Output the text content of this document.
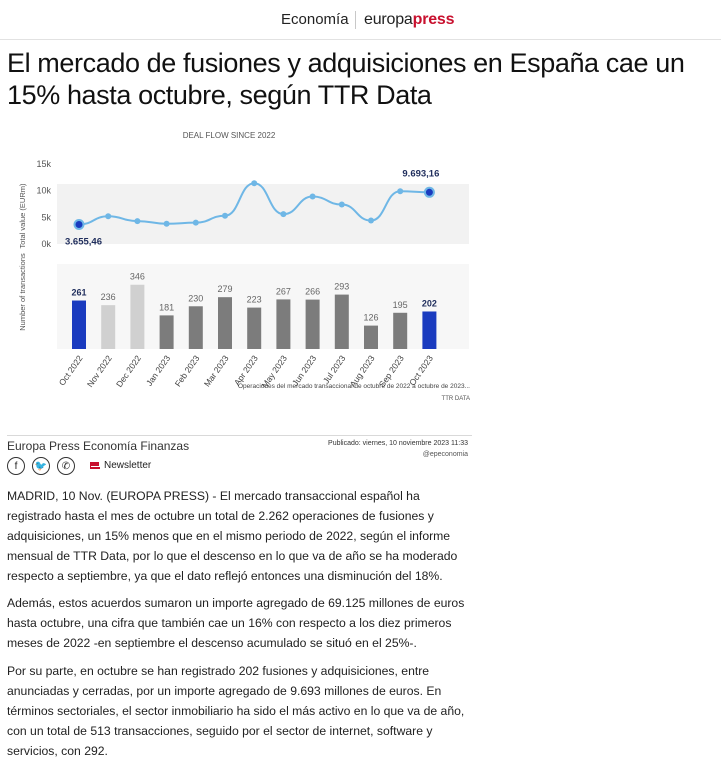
Economía europapress
El mercado de fusiones y adquisiciones en España cae un 15% hasta octubre, según TTR Data
DEAL FLOW SINCE 2022
Total value (EURm)
Number of transactions
15k
10k
5k
0k 3.655,46
9.693,16
261 236
346
181
230
279
223
267 266
293
126
195 202
Oct 2022 Nov 2022 Dec 2022 Jan 2023 Feb 2023 Mar 2023 Apr 2023 May 2023 Jun 2023 Jul 2023 Aug 2023 Sep 2023 Oct 2023
Operaciones del mercado transaccional de octubre de 2022 a octubre de 2023...
TTR DATA
Europa Press Economía Finanzas	Publicado: viernes, 10 noviembre 2023 11:33
@epeconomia
f 🐦 ✆	Newsletter

MADRID, 10 Nov. (EUROPA PRESS) - El mercado transaccional español ha registrado hasta el mes de octubre un total de 2.262 operaciones de fusiones y adquisiciones, un 15% menos que en el mismo periodo de 2022, según el informe mensual de TTR Data, por lo que el descenso en lo que va de año se ha moderado respecto a septiembre, ya que el dato reflejó entonces una disminución del 18%.

Además, estos acuerdos sumaron un importe agregado de 69.125 millones de euros hasta octubre, una cifra que también cae un 16% con respecto a los diez primeros meses de 2022 -en septiembre el descenso acumulado se situó en el 25%-.

Por su parte, en octubre se han registrado 202 fusiones y adquisiciones, entre anunciadas y cerradas, por un importe agregado de 9.693 millones de euros. En términos sectoriales, el sector inmobiliario ha sido el más activo en lo que va de año, con un total de 513 transacciones, seguido por el sector de internet, software y servicios, con 292.
